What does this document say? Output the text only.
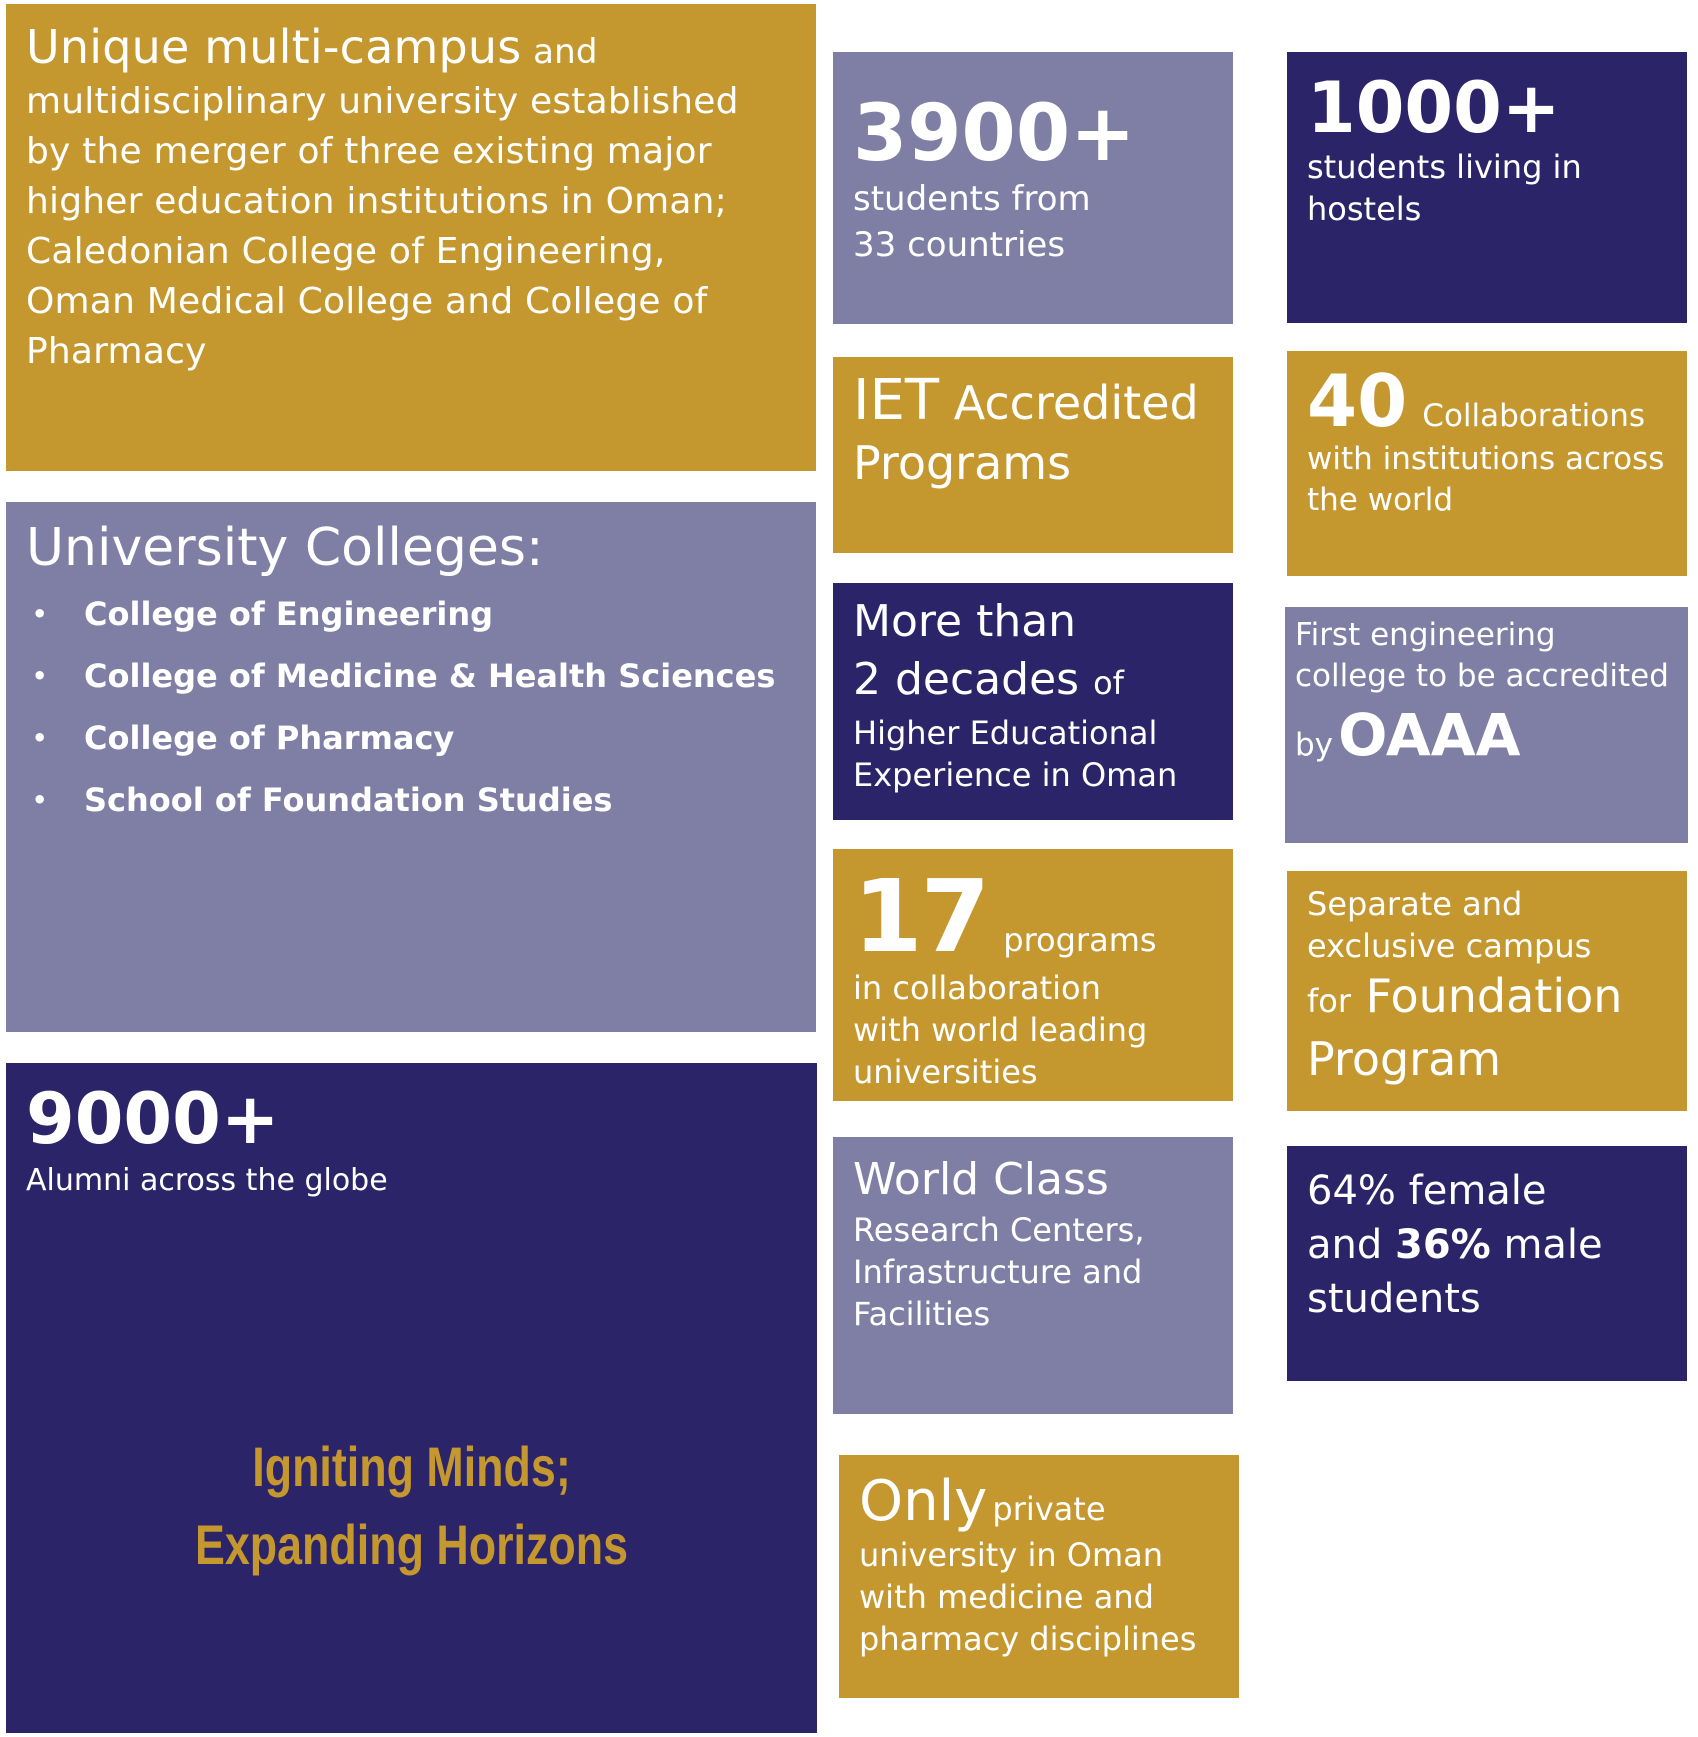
Unique multi-campus and

multidisciplinary university established

by the merger of three existing major

higher education institutions in Oman;

Caledonian College of Engineering,

Oman Medical College and College of

Pharmacy

University Colleges:
• College of Engineering
• College of Medicine & Health Sciences
• College of Pharmacy
• School of Foundation Studies
9000+
Alumni across the globe
Igniting Minds;
Expanding Horizons
3900+
students from
33 countries
IET Accredited
Programs
More than
2 decades of
Higher Educational
Experience in Oman
17 programs
in collaboration
with world leading
universities
World Class
Research Centers,
Infrastructure and
Facilities
Only private
university in Oman
with medicine and
pharmacy disciplines
1000+
students living in
hostels
40 Collaborations
with institutions across
the world
First engineering
college to be accredited
by OAAA
Separate and
exclusive campus
for Foundation
Program
64% female
and 36% male
students
